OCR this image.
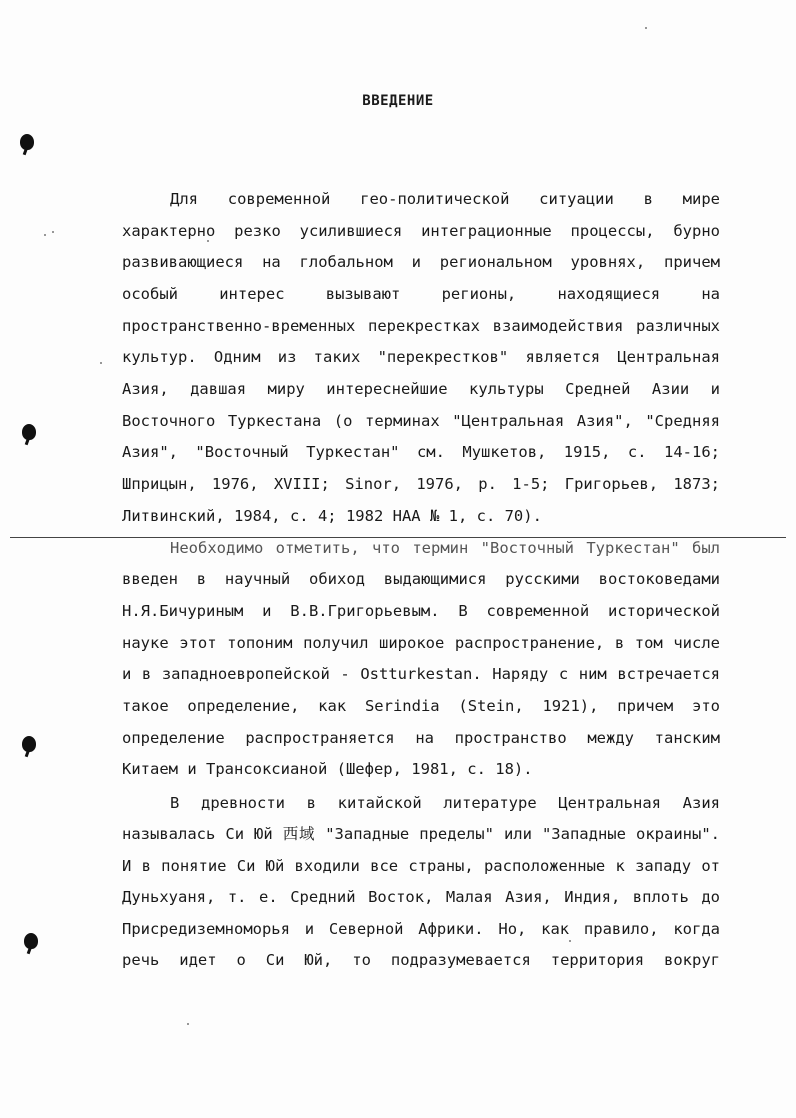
ВВЕДЕНИЕ
Для современной гео-политической ситуации в мире
характерно резко усилившиеся интеграционные процессы, бурно
развивающиеся на глобальном и региональном уровнях, причем
особый интерес вызывают регионы, находящиеся на
пространственно-временных перекрестках взаимодействия различных
культур. Одним из таких "перекрестков" является Центральная
Азия, давшая миру интереснейшие культуры Средней Азии и
Восточного Туркестана (о терминах "Центральная Азия", "Средняя
Азия", "Восточный Туркестан" см. Мушкетов, 1915, с. 14-16;
Шприцын, 1976, XVIII; Sinor, 1976, p. 1-5; Григорьев, 1873;
Литвинский, 1984, с. 4; 1982 НАА № 1, с. 70).
Необходимо отметить, что термин "Восточный Туркестан" был
введен в научный обиход выдающимися русскими востоковедами
Н.Я.Бичуриным и В.В.Григорьевым. В современной исторической
науке этот топоним получил широкое распространение, в том числе
и в западноевропейской - Ostturkestan. Наряду с ним встречается
такое определение, как Serindia (Stein, 1921), причем это
определение распространяется на пространство между танским
Китаем и Трансоксианой (Шефер, 1981, с. 18).
В древности в китайской литературе Центральная Азия
называлась Си Юй 西域 "Западные пределы" или "Западные окраины".
И в понятие Си Юй входили все страны, расположенные к западу от
Дуньхуаня, т. е. Средний Восток, Малая Азия, Индия, вплоть до
Присредиземноморья и Северной Африки. Но, как правило, когда
речь идет о Си Юй, то подразумевается территория вокруг
